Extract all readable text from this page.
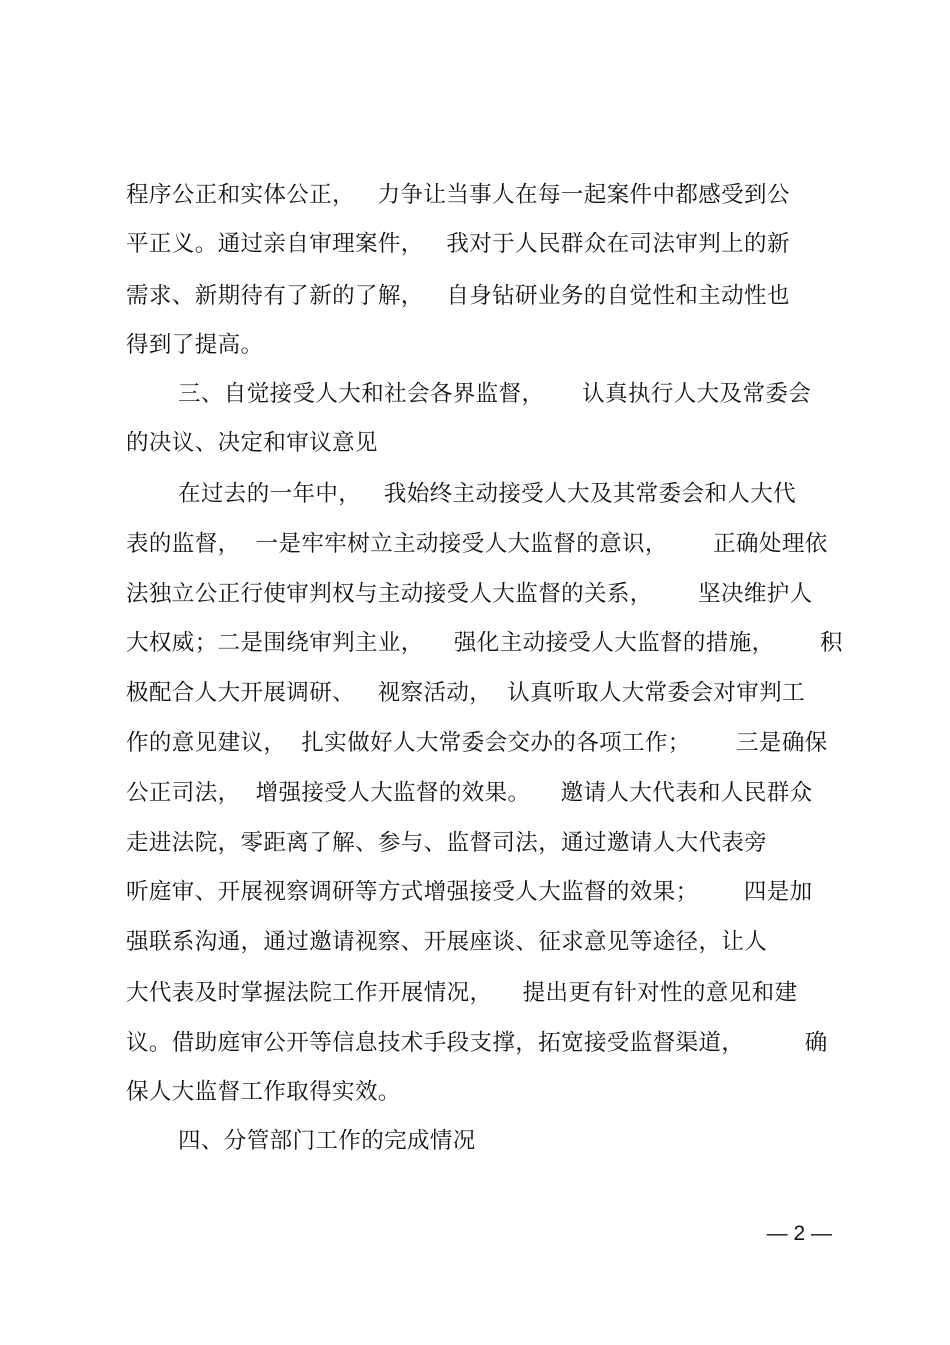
程序公正和实体公正，   力争让当事人在每一起案件中都感受到公
平正义。通过亲自审理案件，   我对于人民群众在司法审判上的新
需求、新期待有了新的了解，   自身钻研业务的自觉性和主动性也
得到了提高。
三、自觉接受人大和社会各界监督，     认真执行人大及常委会
的决议、决定和审议意见
在过去的一年中，   我始终主动接受人大及其常委会和人大代
表的监督，  一是牢牢树立主动接受人大监督的意识，      正确处理依
法独立公正行使审判权与主动接受人大监督的关系，      坚决维护人
大权威；二是围绕审判主业，    强化主动接受人大监督的措施，      积
极配合人大开展调研、   视察活动，  认真听取人大常委会对审判工
作的意见建议，  扎实做好人大常委会交办的各项工作；      三是确保
公正司法，  增强接受人大监督的效果。    邀请人大代表和人民群众
走进法院，零距离了解、参与、监督司法，通过邀请人大代表旁
听庭审、开展视察调研等方式增强接受人大监督的效果；      四是加
强联系沟通，通过邀请视察、开展座谈、征求意见等途径，让人
大代表及时掌握法院工作开展情况，    提出更有针对性的意见和建
议。借助庭审公开等信息技术手段支撑，拓宽接受监督渠道，        确
保人大监督工作取得实效。
四、分管部门工作的完成情况
— 2 —
